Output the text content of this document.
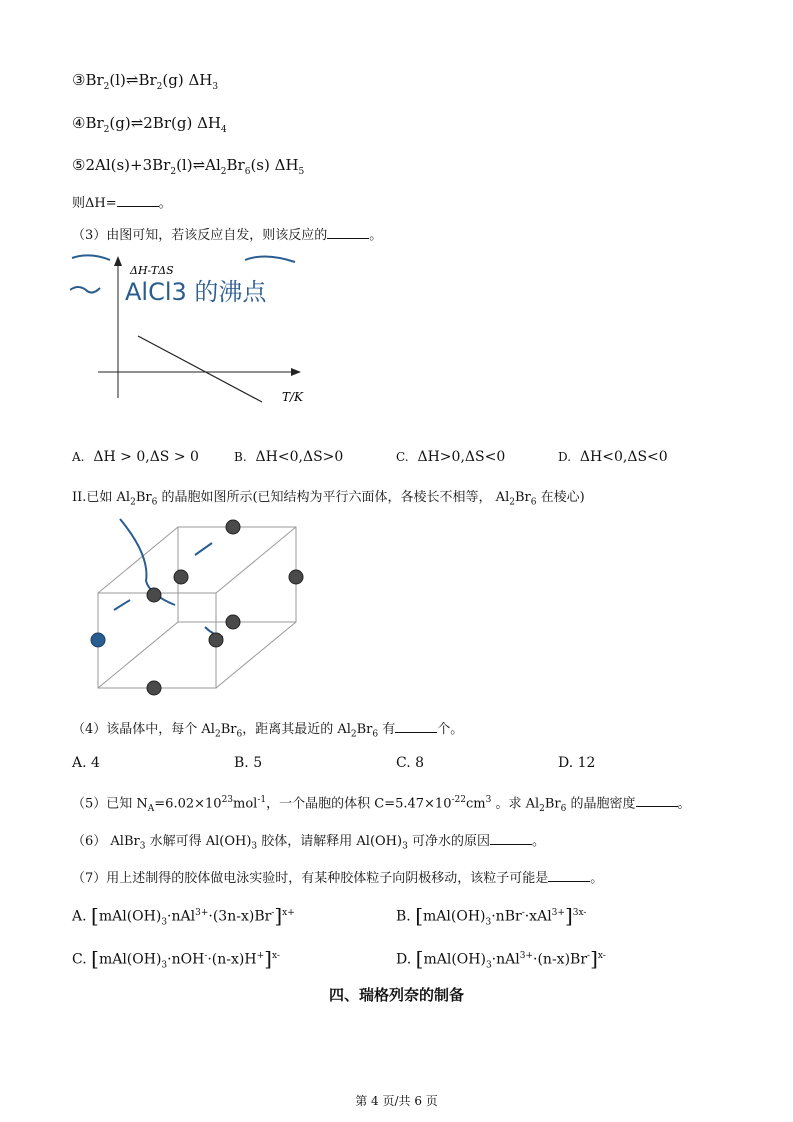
$③Br_2(l)\rightleftharpoons Br_2(g)$ $\Delta H_3$
$④Br_2(g)\rightleftharpoons 2Br(g)$ $\Delta H_4$
$⑤2Al(s)+3Br_2(l)\rightleftharpoons Al_2Br_6(s)$ $\Delta H_5$
则ΔH=	。
（3）由图可知，若该反应自发，则该反应的	。
ΔH-TΔS
T/K
AlCl3 的沸点
A. ΔH > 0,ΔS > 0	B. ΔH<0,ΔS>0	C. ΔH>0,ΔS<0	D. ΔH<0,ΔS<0
II.已如 $Al_2Br_6$ 的晶胞如图所示(已知结构为平行六面体，各棱长不相等， $Al_2Br_6$ 在棱心)
（4）该晶体中，每个 $Al_2Br_6$，距离其最近的 $Al_2Br_6$ 有	个。
A. 4	B. 5	C. 8	D. 12
（5）已知 $N_A=6.02\times 10^{23}mol^{-1}$，一个晶胞的体积 $C=5.47\times 10^{-22}cm^3$ 。求 $Al_2Br_6$ 的晶胞密度	。
（6） AlBr$_3$ 水解可得 $Al(OH)_3$ 胶体，请解释用 $Al(OH)_3$ 可净水的原因	。
（7）用上述制得的胶体做电泳实验时，有某种胶体粒子向阴极移动，该粒子可能是	。
A. $[mAl(OH)_3\cdot nAl^{3+}\cdot(3n-x)Br^-]^{x+}$	B. $[mAl(OH)_3\cdot nBr^-\cdot xAl^{3+}]^{3x-}$
C. $[mAl(OH)_3\cdot nOH^-\cdot(n-x)H^+]^{x-}$	D. $[mAl(OH)_3\cdot nAl^{3+}\cdot(n-x)Br^-]^{x-}$
四、瑞格列奈的制备
第 4 页/共 6 页
